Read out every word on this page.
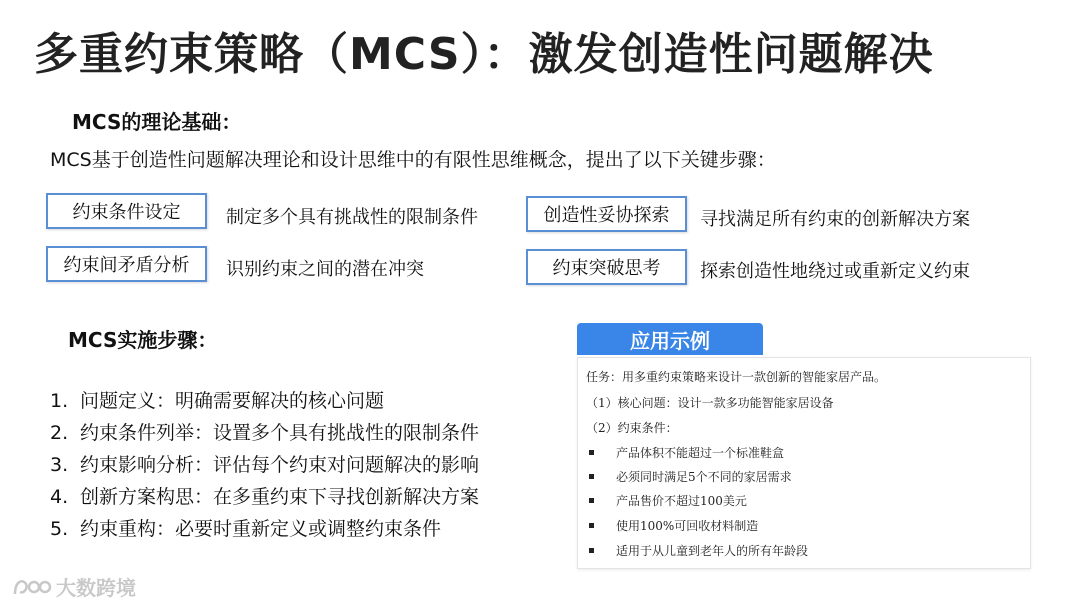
多重约束策略（MCS）：激发创造性问题解决
MCS的理论基础：
MCS基于创造性问题解决理论和设计思维中的有限性思维概念，提出了以下关键步骤：
约束条件设定	制定多个具有挑战性的限制条件
约束间矛盾分析	识别约束之间的潜在冲突
创造性妥协探索	寻找满足所有约束的创新解决方案
约束突破思考	探索创造性地绕过或重新定义约束
MCS实施步骤：
1. 问题定义：明确需要解决的核心问题
2. 约束条件列举：设置多个具有挑战性的限制条件
3. 约束影响分析：评估每个约束对问题解决的影响
4. 创新方案构思：在多重约束下寻找创新解决方案
5. 约束重构：必要时重新定义或调整约束条件
应用示例
任务：用多重约束策略来设计一款创新的智能家居产品。
（1）核心问题：设计一款多功能智能家居设备
（2）约束条件：
产品体积不能超过一个标准鞋盒
必须同时满足5个不同的家居需求
产品售价不超过100美元
使用100%可回收材料制造
适用于从儿童到老年人的所有年龄段
大数跨境
